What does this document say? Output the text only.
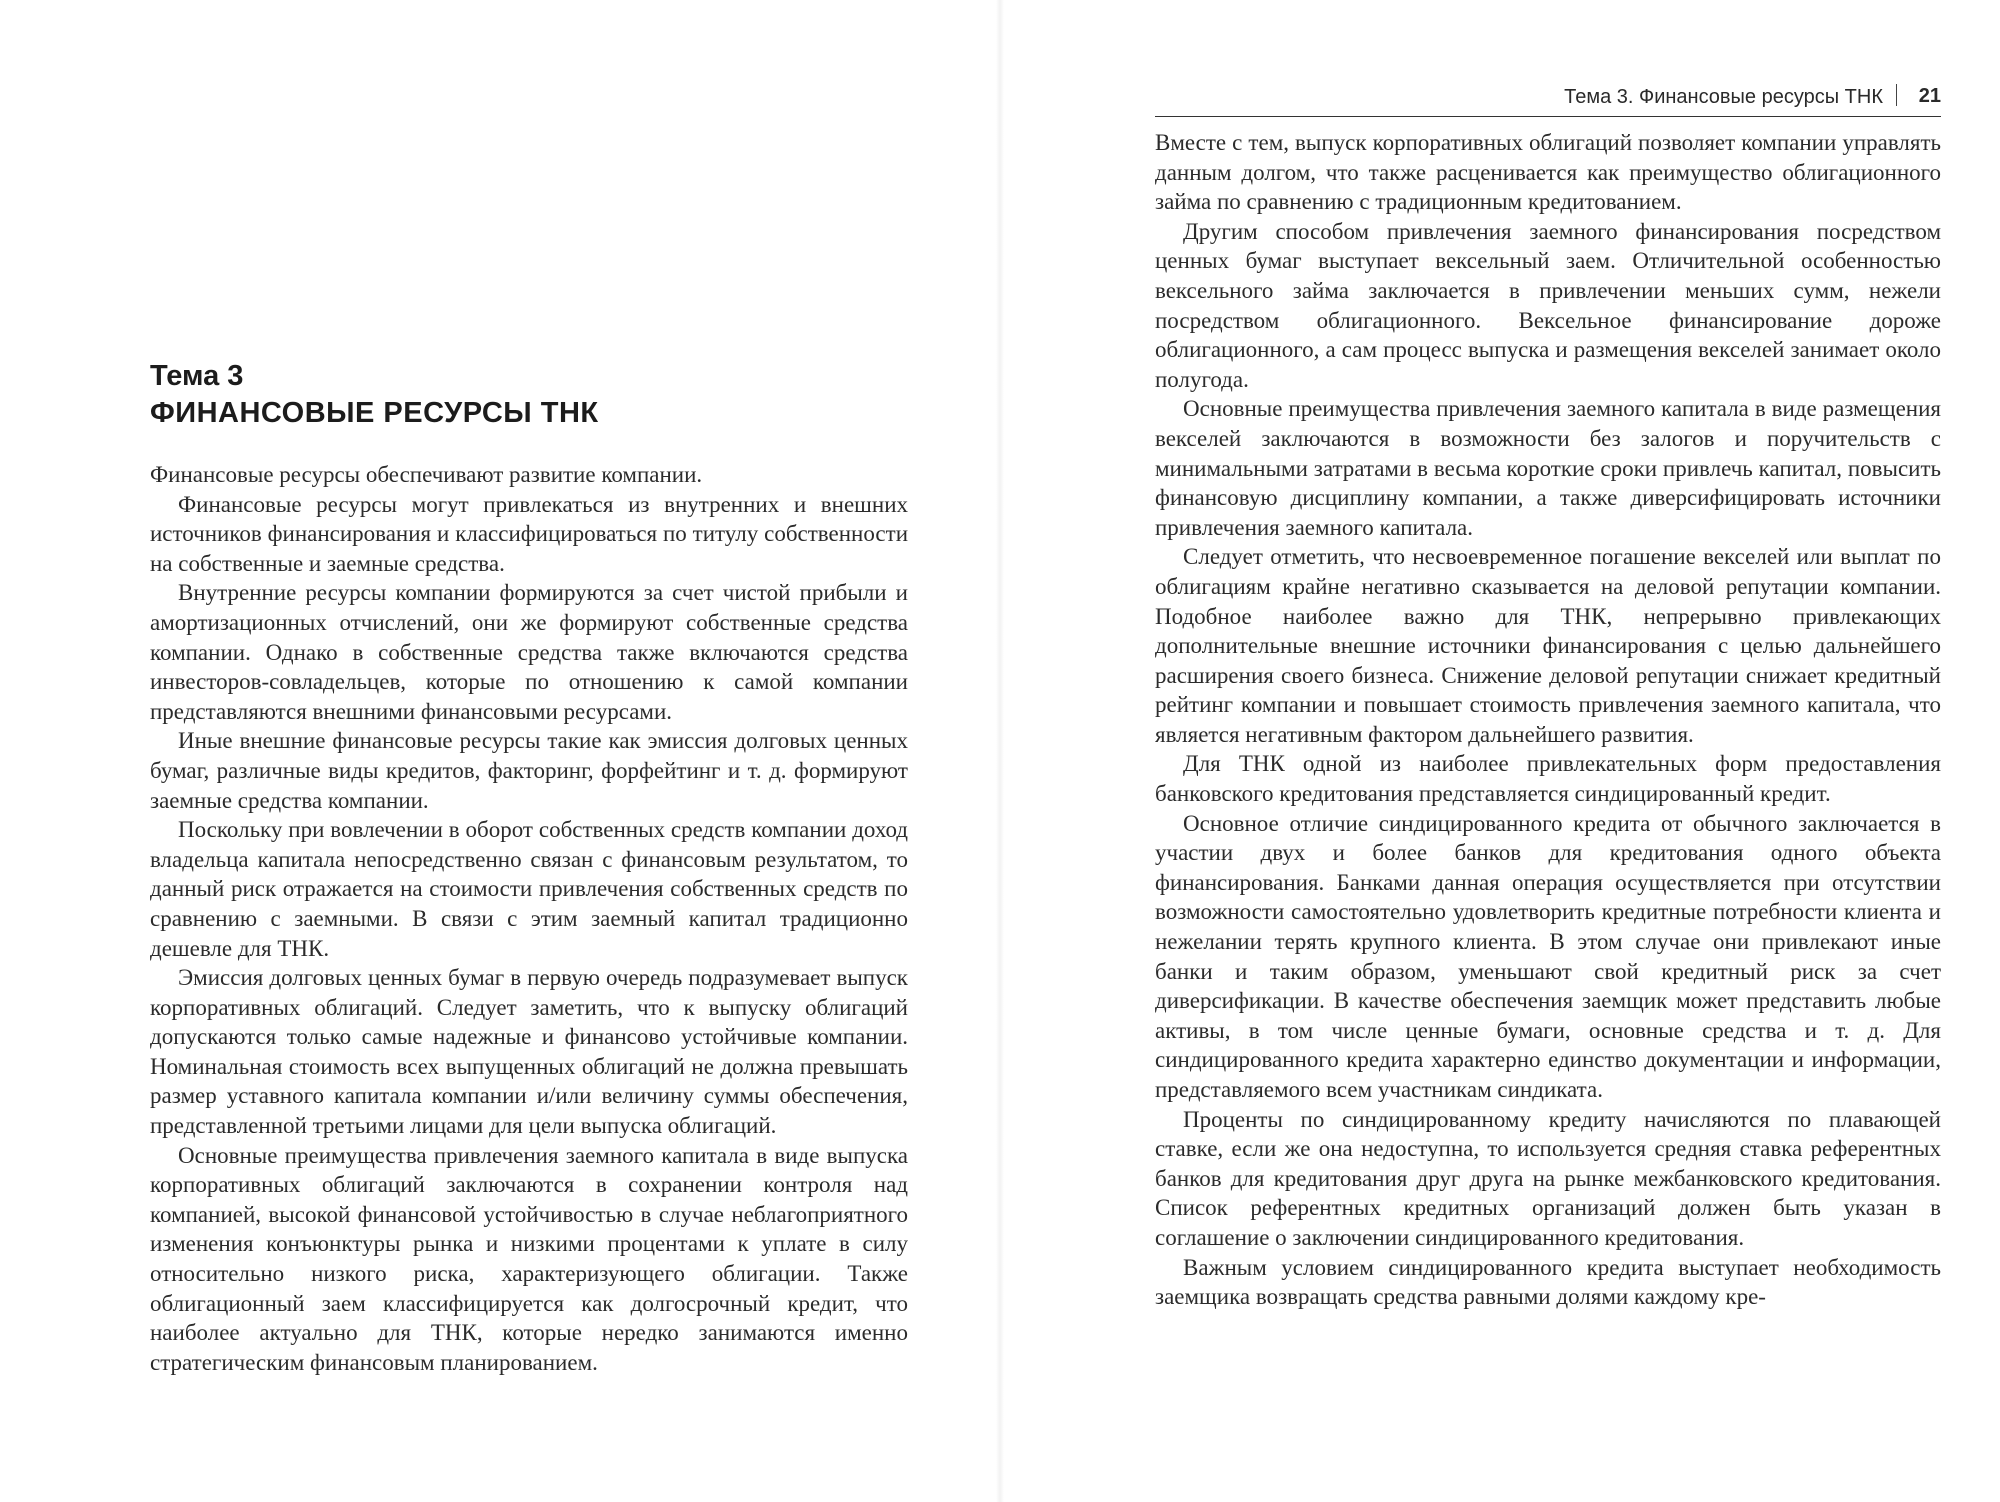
Тема 3
ФИНАНСОВЫЕ РЕСУРСЫ ТНК

Финансовые ресурсы обеспечивают развитие компании.

Финансовые ресурсы могут привлекаться из внутренних и внешних источников финансирования и классифицироваться по титулу собственности на собственные и заемные средства.

Внутренние ресурсы компании формируются за счет чистой прибыли и амортизационных отчислений, они же формируют собственные средства компании. Однако в собственные средства также включаются средства инвесторов-совладельцев, которые по отношению к самой компании представляются внешними финансовыми ресурсами.

Иные внешние финансовые ресурсы такие как эмиссия долговых ценных бумаг, различные виды кредитов, факторинг, форфейтинг и т. д. формируют заемные средства компании.

Поскольку при вовлечении в оборот собственных средств компании доход владельца капитала непосредственно связан с финансовым результатом, то данный риск отражается на стоимости привлечения собственных средств по сравнению с заемными. В связи с этим заемный капитал традиционно дешевле для ТНК.

Эмиссия долговых ценных бумаг в первую очередь подразумевает выпуск корпоративных облигаций. Следует заметить, что к выпуску облигаций допускаются только самые надежные и финансово устойчивые компании. Номинальная стоимость всех выпущенных облигаций не должна превышать размер уставного капитала компании и/или величину суммы обеспечения, представленной третьими лицами для цели выпуска облигаций.

Основные преимущества привлечения заемного капитала в виде выпуска корпоративных облигаций заключаются в сохранении контроля над компанией, высокой финансовой устойчивостью в случае неблагоприятного изменения конъюнктуры рынка и низкими процентами к уплате в силу относительно низкого риска, характеризующего облигации. Также облигационный заем классифицируется как долгосрочный кредит, что наиболее актуально для ТНК, которые нередко занимаются именно стратегическим финансовым планированием.

Тема 3. Финансовые ресурсы ТНК 21

Вместе с тем, выпуск корпоративных облигаций позволяет компании управлять данным долгом, что также расценивается как преимущество облигационного займа по сравнению с традиционным кредитованием.

Другим способом привлечения заемного финансирования посредством ценных бумаг выступает вексельный заем. Отличительной особенностью вексельного займа заключается в привлечении меньших сумм, нежели посредством облигационного. Вексельное финансирование дороже облигационного, а сам процесс выпуска и размещения векселей занимает около полугода.

Основные преимущества привлечения заемного капитала в виде размещения векселей заключаются в возможности без залогов и поручительств с минимальными затратами в весьма короткие сроки привлечь капитал, повысить финансовую дисциплину компании, а также диверсифицировать источники привлечения заемного капитала.

Следует отметить, что несвоевременное погашение векселей или выплат по облигациям крайне негативно сказывается на деловой репутации компании. Подобное наиболее важно для ТНК, непрерывно привлекающих дополнительные внешние источники финансирования с целью дальнейшего расширения своего бизнеса. Снижение деловой репутации снижает кредитный рейтинг компании и повышает стоимость привлечения заемного капитала, что является негативным фактором дальнейшего развития.

Для ТНК одной из наиболее привлекательных форм предоставления банковского кредитования представляется синдицированный кредит.

Основное отличие синдицированного кредита от обычного заключается в участии двух и более банков для кредитования одного объекта финансирования. Банками данная операция осуществляется при отсутствии возможности самостоятельно удовлетворить кредитные потребности клиента и нежелании терять крупного клиента. В этом случае они привлекают иные банки и таким образом, уменьшают свой кредитный риск за счет диверсификации. В качестве обеспечения заемщик может представить любые активы, в том числе ценные бумаги, основные средства и т. д. Для синдицированного кредита характерно единство документации и информации, представляемого всем участникам синдиката.

Проценты по синдицированному кредиту начисляются по плавающей ставке, если же она недоступна, то используется средняя ставка референтных банков для кредитования друг друга на рынке межбанковского кредитования. Список референтных кредитных организаций должен быть указан в соглашение о заключении синдицированного кредитования.

Важным условием синдицированного кредита выступает необходимость заемщика возвращать средства равными долями каждому кре-
